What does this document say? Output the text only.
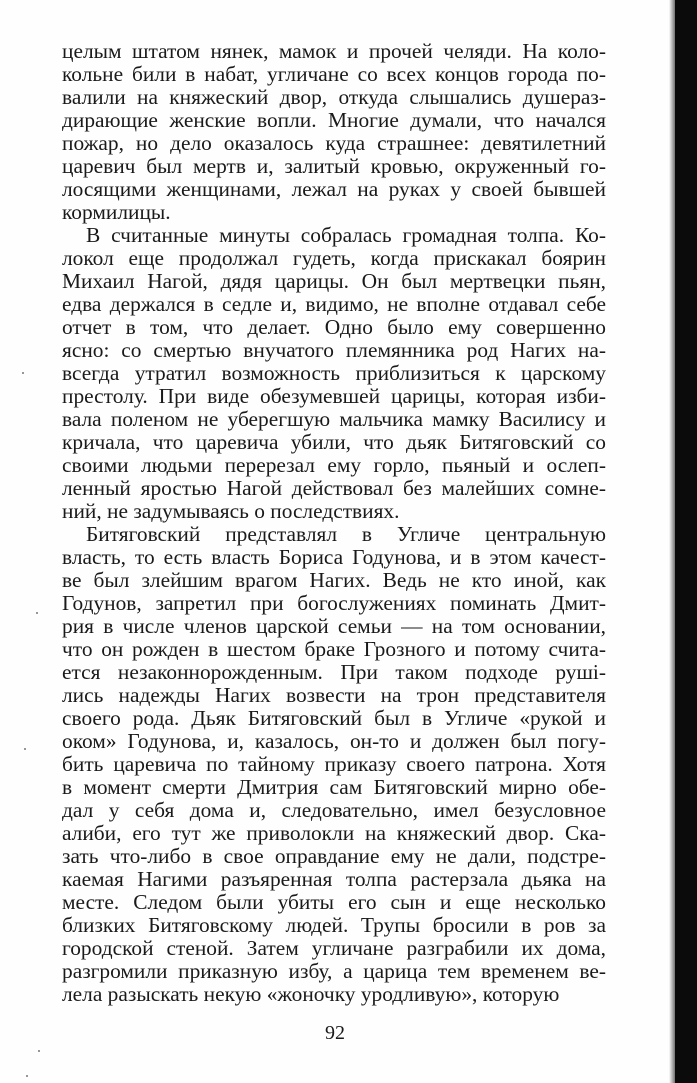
целым штатом нянек, мамок и прочей челяди. На коло-
кольне били в набат, угличане со всех концов города по-
валили на княжеский двор, откуда слышались душераз-
дирающие женские вопли. Многие думали, что начался
пожар, но дело оказалось куда страшнее: девятилетний
царевич был мертв и, залитый кровью, окруженный го-
лосящими женщинами, лежал на руках у своей бывшей
кормилицы.
В считанные минуты собралась громадная толпа. Ко-
локол еще продолжал гудеть, когда прискакал боярин
Михаил Нагой, дядя царицы. Он был мертвецки пьян,
едва держался в седле и, видимо, не вполне отдавал себе
отчет в том, что делает. Одно было ему совершенно
ясно: со смертью внучатого племянника род Нагих на-
всегда утратил возможность приблизиться к царскому
престолу. При виде обезумевшей царицы, которая изби-
вала поленом не уберегшую мальчика мамку Василису и
кричала, что царевича убили, что дьяк Битяговский со
своими людьми перерезал ему горло, пьяный и ослеп-
ленный яростью Нагой действовал без малейших сомне-
ний, не задумываясь о последствиях.
Битяговский представлял в Угличе центральную
власть, то есть власть Бориса Годунова, и в этом качест-
ве был злейшим врагом Нагих. Ведь не кто иной, как
Годунов, запретил при богослужениях поминать Дмит-
рия в числе членов царской семьи — на том основании,
что он рожден в шестом браке Грозного и потому счита-
ется незаконнорожденным. При таком подходе рушi-
лись надежды Нагих возвести на трон представителя
своего рода. Дьяк Битяговский был в Угличе «рукой и
оком» Годунова, и, казалось, он-то и должен был погу-
бить царевича по тайному приказу своего патрона. Хотя
в момент смерти Дмитрия сам Битяговский мирно обе-
дал у себя дома и, следовательно, имел безусловное
алиби, его тут же приволокли на княжеский двор. Ска-
зать что-либо в свое оправдание ему не дали, подстре-
каемая Нагими разъяренная толпа растерзала дьяка на
месте. Следом были убиты его сын и еще несколько
близких Битяговскому людей. Трупы бросили в ров за
городской стеной. Затем угличане разграбили их дома,
разгромили приказную избу, а царица тем временем ве-
лела разыскать некую «жоночку уродливую», которую
92
